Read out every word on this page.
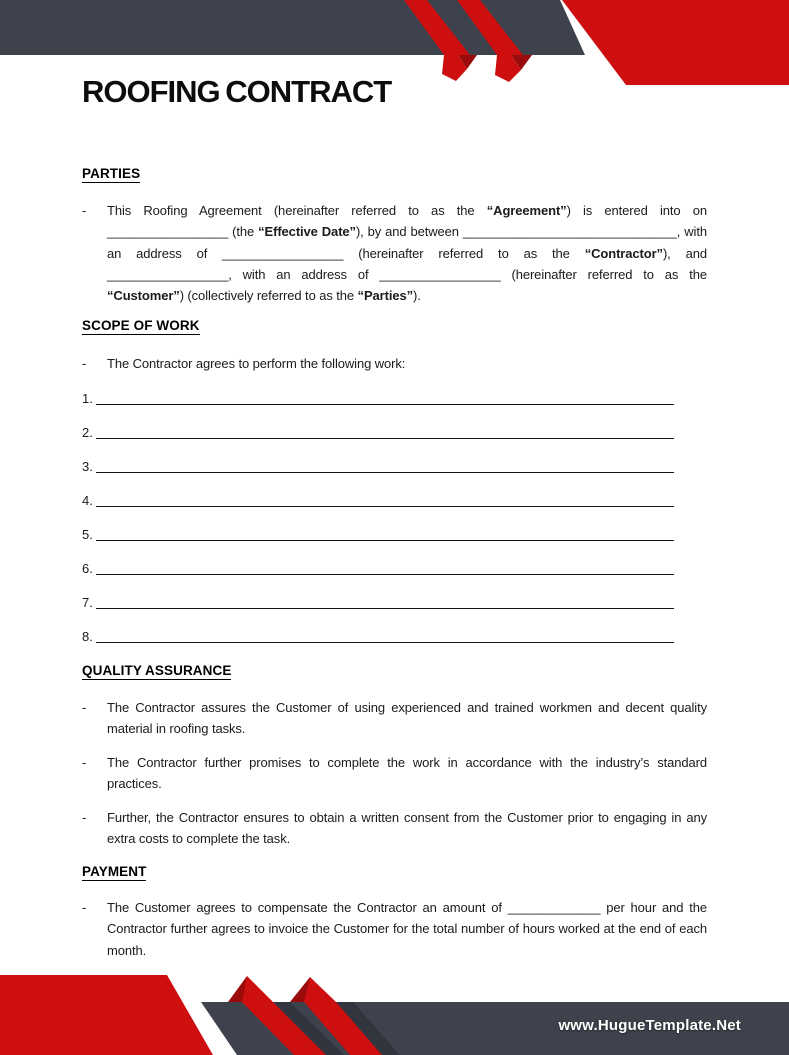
ROOFING CONTRACT
PARTIES
-	This Roofing Agreement (hereinafter referred to as the “Agreement”) is entered into on _________________ (the “Effective Date”), by and between ______________________________, with an address of _________________ (hereinafter referred to as the “Contractor”), and _________________, with an address of _________________ (hereinafter referred to as the “Customer”) (collectively referred to as the “Parties”).
SCOPE OF WORK
-	The Contractor agrees to perform the following work:
1.
2.
3.
4.
5.
6.
7.
8.
QUALITY ASSURANCE
-	The Contractor assures the Customer of using experienced and trained workmen and decent quality material in roofing tasks.
-	The Contractor further promises to complete the work in accordance with the industry’s standard practices.
-	Further, the Contractor ensures to obtain a written consent from the Customer prior to engaging in any extra costs to complete the task.
PAYMENT
-	The Customer agrees to compensate the Contractor an amount of _____________ per hour and the Contractor further agrees to invoice the Customer for the total number of hours worked at the end of each month.
www.HugueTemplate.Net
